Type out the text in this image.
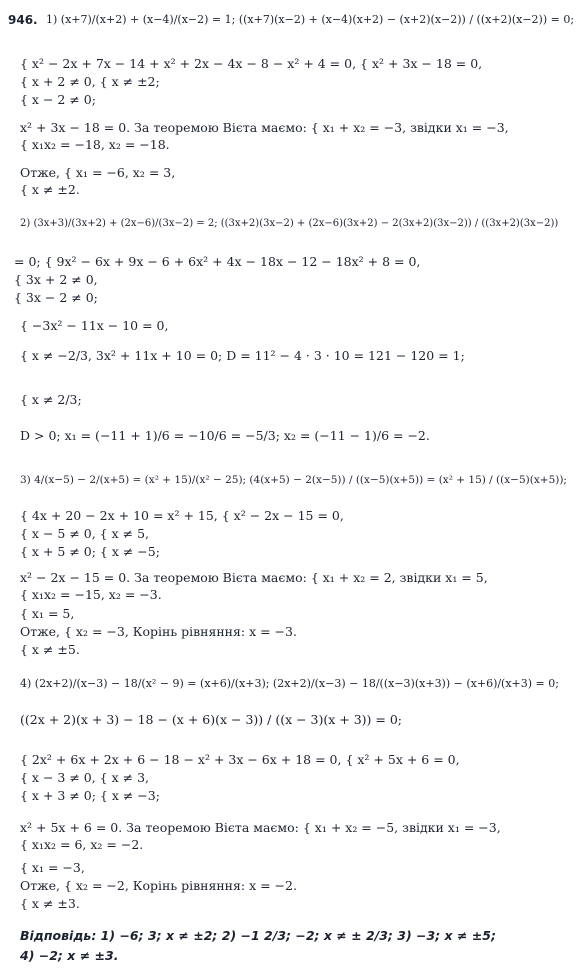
946. 1) (x+7)/(x+2) + (x−4)/(x−2) = 1; ((x+7)(x−2) + (x−4)(x+2) − (x+2)(x−2)) / ((x+2)(x−2)) = 0;
{ x² − 2x + 7x − 14 + x² + 2x − 4x − 8 − x² + 4 = 0, { x² + 3x − 18 = 0,
{ x + 2 ≠ 0, { x ≠ ±2;
{ x − 2 ≠ 0;
x² + 3x − 18 = 0. За теоремою Вієта маємо: { x₁ + x₂ = −3, звідки x₁ = −3,
{ x₁x₂ = −18, x₂ = −18.
Отже, { x₁ = −6, x₂ = 3,
{ x ≠ ±2.
2) (3x+3)/(3x+2) + (2x−6)/(3x−2) = 2; ((3x+2)(3x−2) + (2x−6)(3x+2) − 2(3x+2)(3x−2)) / ((3x+2)(3x−2))
= 0; { 9x² − 6x + 9x − 6 + 6x² + 4x − 18x − 12 − 18x² + 8 = 0,
{ 3x + 2 ≠ 0,
{ 3x − 2 ≠ 0;
{ −3x² − 11x − 10 = 0,
{ x ≠ −2/3, 3x² + 11x + 10 = 0; D = 11² − 4 · 3 · 10 = 121 − 120 = 1;
{ x ≠ 2/3;
D > 0; x₁ = (−11 + 1)/6 = −10/6 = −5/3; x₂ = (−11 − 1)/6 = −2.
3) 4/(x−5) − 2/(x+5) = (x² + 15)/(x² − 25); (4(x+5) − 2(x−5)) / ((x−5)(x+5)) = (x² + 15) / ((x−5)(x+5));
{ 4x + 20 − 2x + 10 = x² + 15, { x² − 2x − 15 = 0,
{ x − 5 ≠ 0, { x ≠ 5,
{ x + 5 ≠ 0; { x ≠ −5;
x² − 2x − 15 = 0. За теоремою Вієта маємо: { x₁ + x₂ = 2, звідки x₁ = 5,
{ x₁x₂ = −15, x₂ = −3.
{ x₁ = 5,
Отже, { x₂ = −3, Корінь рівняння: x = −3.
{ x ≠ ±5.
4) (2x+2)/(x−3) − 18/(x² − 9) = (x+6)/(x+3); (2x+2)/(x−3) − 18/((x−3)(x+3)) − (x+6)/(x+3) = 0;
((2x + 2)(x + 3) − 18 − (x + 6)(x − 3)) / ((x − 3)(x + 3)) = 0;
{ 2x² + 6x + 2x + 6 − 18 − x² + 3x − 6x + 18 = 0, { x² + 5x + 6 = 0,
{ x − 3 ≠ 0, { x ≠ 3,
{ x + 3 ≠ 0; { x ≠ −3;
x² + 5x + 6 = 0. За теоремою Вієта маємо: { x₁ + x₂ = −5, звідки x₁ = −3,
{ x₁x₂ = 6, x₂ = −2.
{ x₁ = −3,
Отже, { x₂ = −2, Корінь рівняння: x = −2.
{ x ≠ ±3.
Відповідь: 1) −6; 3; x ≠ ±2; 2) −1 2/3; −2; x ≠ ± 2/3; 3) −3; x ≠ ±5;
4) −2; x ≠ ±3.
